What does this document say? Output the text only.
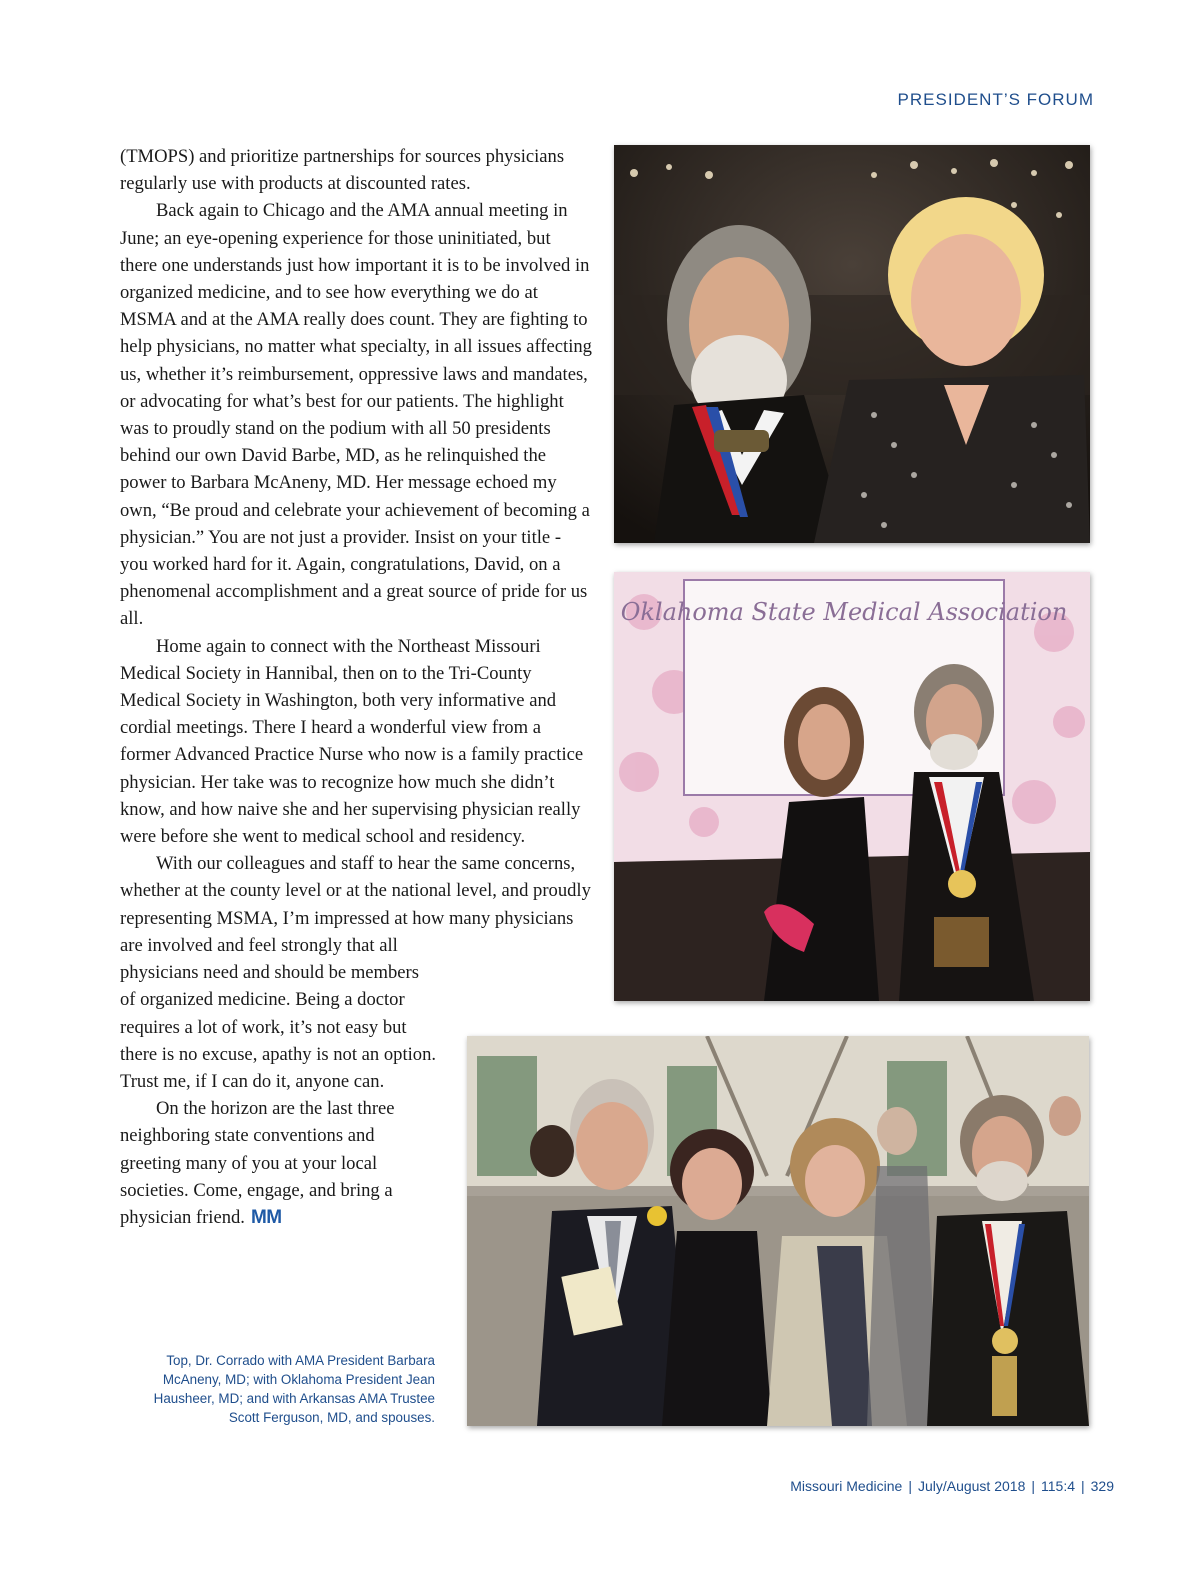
PRESIDENT’S FORUM

(TMOPS) and prioritize partnerships for sources physicians regularly use with products at discounted rates.

Back again to Chicago and the AMA annual meeting in June; an eye-opening experience for those uninitiated, but there one understands just how important it is to be involved in organized medicine, and to see how everything we do at MSMA and at the AMA really does count. They are fighting to help physicians, no matter what specialty, in all issues affecting us, whether it’s reimbursement, oppressive laws and mandates, or advocating for what’s best for our patients. The highlight was to proudly stand on the podium with all 50 presidents behind our own David Barbe, MD, as he relinquished the power to Barbara McAneny, MD. Her message echoed my own, “Be proud and celebrate your achievement of becoming a physician.” You are not just a provider. Insist on your title - you worked hard for it. Again, congratulations, David, on a phenomenal accomplishment and a great source of pride for us all.

Home again to connect with the Northeast Missouri Medical Society in Hannibal, then on to the Tri-County Medical Society in Washington, both very informative and cordial meetings. There I heard a wonderful view from a former Advanced Practice Nurse who now is a family practice physician. Her take was to recognize how much she didn’t know, and how naive she and her supervising physician really were before she went to medical school and residency.

With our colleagues and staff to hear the same concerns, whether at the county level or at the national level, and proudly representing MSMA, I’m impressed at how many physicians are involved and feel strongly that all

physicians need and should be members of organized medicine. Being a doctor requires a lot of work, it’s not easy but there is no excuse, apathy is not an option. Trust me, if I can do it, anyone can.

On the horizon are the last three neighboring state conventions and greeting many of you at your local societies. Come, engage, and bring a physician friend. MM

Oklahoma State Medical Association
Top, Dr. Corrado with AMA President Barbara McAneny, MD; with Oklahoma President Jean Hausheer, MD; and with Arkansas AMA Trustee Scott Ferguson, MD, and spouses.
Missouri Medicine | July/August 2018 | 115:4 | 329
